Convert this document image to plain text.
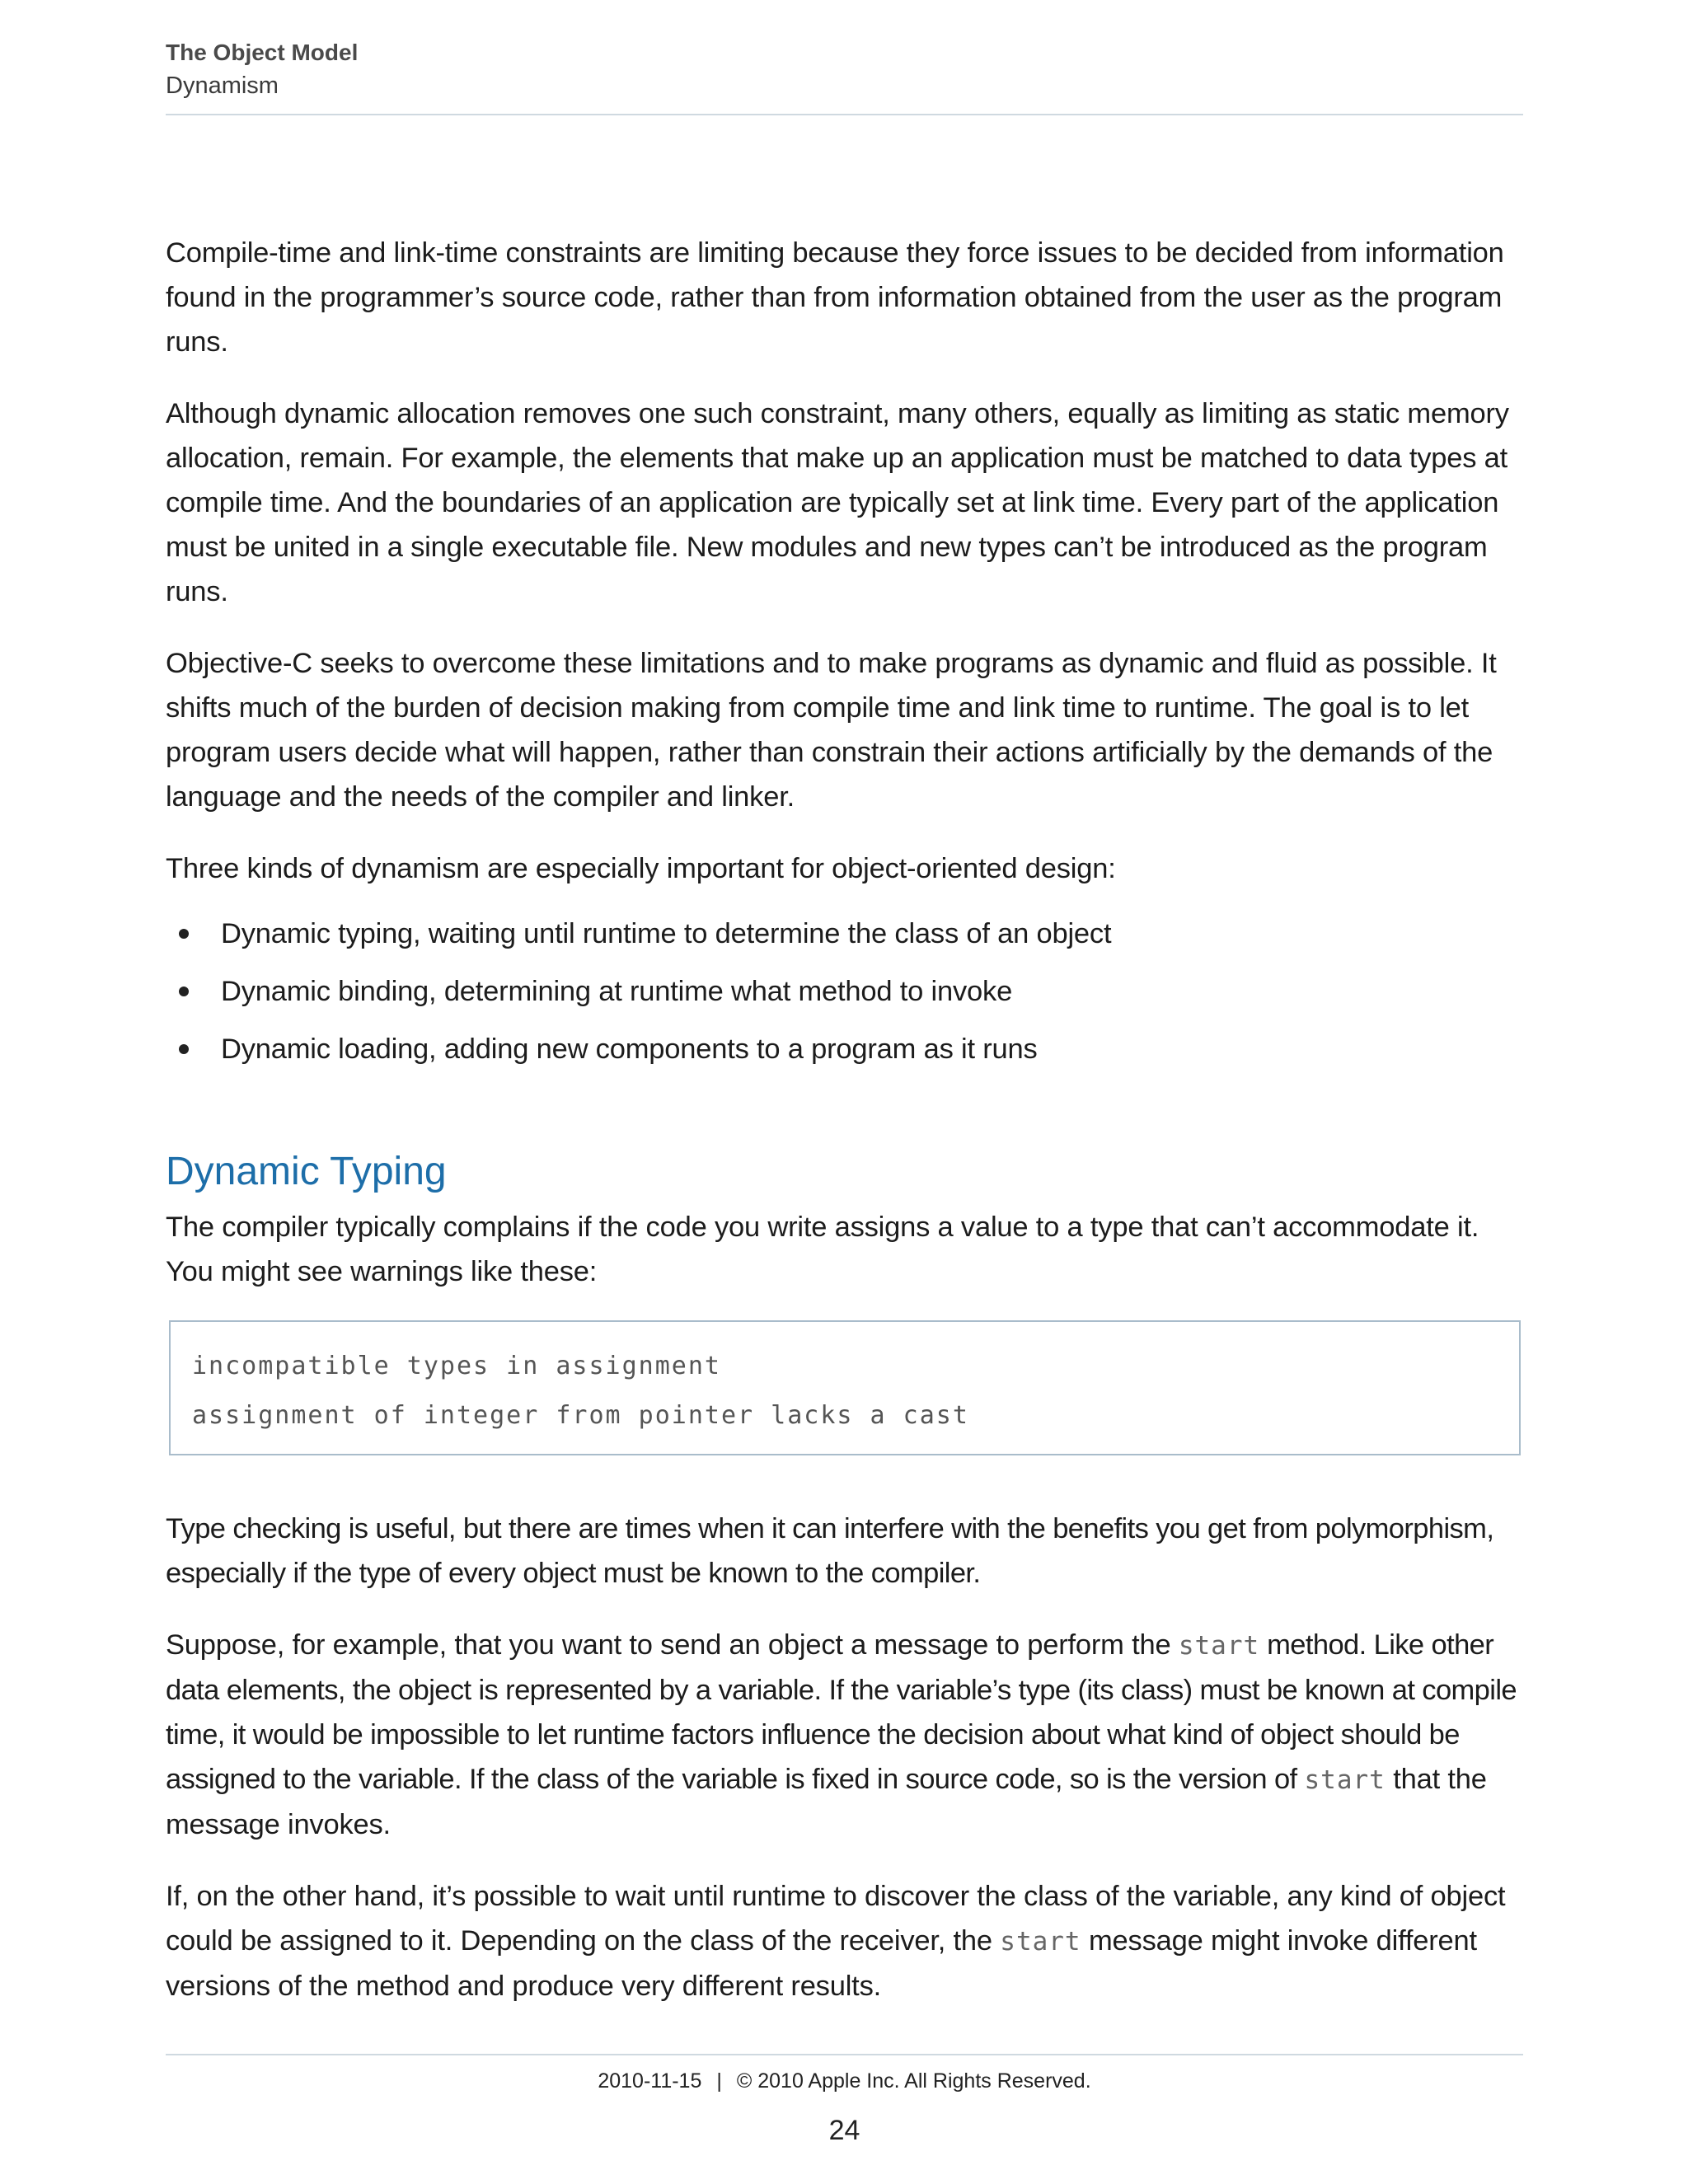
The Object Model
Dynamism

Compile-time and link-time constraints are limiting because they force issues to be decided from information found in the programmer’s source code, rather than from information obtained from the user as the program runs.

Although dynamic allocation removes one such constraint, many others, equally as limiting as static memory allocation, remain. For example, the elements that make up an application must be matched to data types at compile time. And the boundaries of an application are typically set at link time. Every part of the application must be united in a single executable file. New modules and new types can’t be introduced as the program runs.

Objective-C seeks to overcome these limitations and to make programs as dynamic and fluid as possible. It shifts much of the burden of decision making from compile time and link time to runtime. The goal is to let program users decide what will happen, rather than constrain their actions artificially by the demands of the language and the needs of the compiler and linker.

Three kinds of dynamism are especially important for object-oriented design:

Dynamic typing, waiting until runtime to determine the class of an object
Dynamic binding, determining at runtime what method to invoke
Dynamic loading, adding new components to a program as it runs
Dynamic Typing

The compiler typically complains if the code you write assigns a value to a type that can’t accommodate it. You might see warnings like these:

incompatible types in assignment
assignment of integer from pointer lacks a cast

Type checking is useful, but there are times when it can interfere with the benefits you get from polymorphism, especially if the type of every object must be known to the compiler.

Suppose, for example, that you want to send an object a message to perform the start method. Like other data elements, the object is represented by a variable. If the variable’s type (its class) must be known at compile time, it would be impossible to let runtime factors influence the decision about what kind of object should be assigned to the variable. If the class of the variable is fixed in source code, so is the version of start that the message invokes.

If, on the other hand, it’s possible to wait until runtime to discover the class of the variable, any kind of object could be assigned to it. Depending on the class of the receiver, the start message might invoke different versions of the method and produce very different results.

2010-11-15 | © 2010 Apple Inc. All Rights Reserved.
24
